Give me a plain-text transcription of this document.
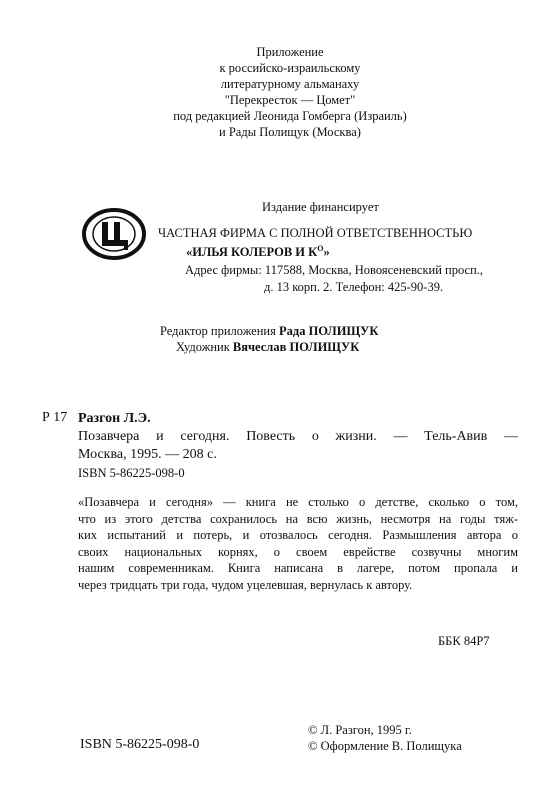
Приложение
к российско-израильскому
литературному альманаху
"Перекресток — Цомет"
под редакцией Леонида Гомберга (Израиль)
и Рады Полищук (Москва)
Издание финансирует
ЧАСТНАЯ ФИРМА С ПОЛНОЙ ОТВЕТСТВЕННОСТЬЮ
«ИЛЬЯ КОЛЕРОВ И $К^О$»
Адрес фирмы: 117588, Москва, Новоясеневский просп.,
д. 13 корп. 2. Телефон: 425-90-39.
Редактор приложения Рада ПОЛИЩУК
Художник Вячеслав ПОЛИЩУК
Р 17 Разгон Л.Э.
Позавчера и сегодня. Повесть о жизни. — Тель-Авив —
Москва, 1995. — 208 с.
ISBN 5-86225-098-0
«Позавчера и сегодня» — книга не столько о детстве, сколько о том,
что из этого детства сохранилось на всю жизнь, несмотря на годы тяж-
ких испытаний и потерь, и отозвалось сегодня. Размышления автора о
своих национальных корнях, о своем еврействе созвучны многим
нашим современникам. Книга написана в лагере, потом пропала и
через тридцать три года, чудом уцелевшая, вернулась к автору.
ББК 84Р7
© Л. Разгон, 1995 г.
© Оформление В. Полищука
ISBN 5-86225-098-0
